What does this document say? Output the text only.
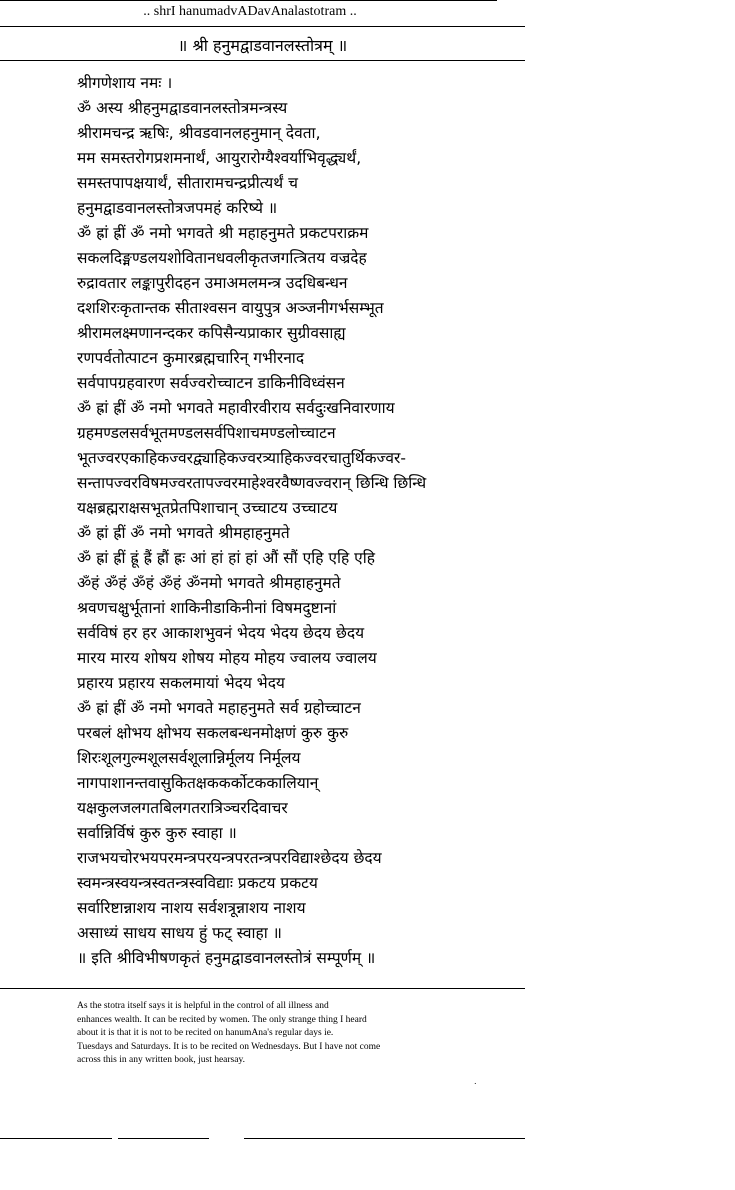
.. shrI hanumadvADavAnalastotram ..
॥ श्री हनुमद्वाडवानलस्तोत्रम् ॥
श्रीगणेशाय नमः ।
ॐ अस्य श्रीहनुमद्वाडवानलस्तोत्रमन्त्रस्य
श्रीरामचन्द्र ऋषिः, श्रीवडवानलहनुमान् देवता,
मम समस्तरोगप्रशमनार्थं, आयुरारोग्यैश्वर्याभिवृद्ध्यर्थं,
समस्तपापक्षयार्थं, सीतारामचन्द्रप्रीत्यर्थं च
हनुमद्वाडवानलस्तोत्रजपमहं करिष्ये ॥
ॐ ह्रां ह्रीं ॐ नमो भगवते श्री महाहनुमते प्रकटपराक्रम
सकलदिङ्मण्डलयशोवितानधवलीकृतजगत्त्रितय वज्रदेह
रुद्रावतार लङ्कापुरीदहन उमाअमलमन्त्र उदधिबन्धन
दशशिरःकृतान्तक सीताश्वसन वायुपुत्र अञ्जनीगर्भसम्भूत
श्रीरामलक्ष्मणानन्दकर कपिसैन्यप्राकार सुग्रीवसाह्य
रणपर्वतोत्पाटन कुमारब्रह्मचारिन् गभीरनाद
सर्वपापग्रहवारण सर्वज्वरोच्चाटन डाकिनीविध्वंसन
ॐ ह्रां ह्रीं ॐ नमो भगवते महावीरवीराय सर्वदुःखनिवारणाय
ग्रहमण्डलसर्वभूतमण्डलसर्वपिशाचमण्डलोच्चाटन
भूतज्वरएकाहिकज्वरद्व्याहिकज्वरत्र्याहिकज्वरचातुर्थिकज्वर-
सन्तापज्वरविषमज्वरतापज्वरमाहेश्वरवैष्णवज्वरान् छिन्धि छिन्धि
यक्षब्रह्मराक्षसभूतप्रेतपिशाचान् उच्चाटय उच्चाटय
ॐ ह्रां ह्रीं ॐ नमो भगवते श्रीमहाहनुमते
ॐ ह्रां ह्रीं ह्रूं ह्रैं ह्रौं ह्रः आं हां हां हां औं सौं एहि एहि एहि
ॐहं ॐहं ॐहं ॐहं ॐनमो भगवते श्रीमहाहनुमते
श्रवणचक्षुर्भूतानां शाकिनीडाकिनीनां विषमदुष्टानां
सर्वविषं हर हर आकाशभुवनं भेदय भेदय छेदय छेदय
मारय मारय शोषय शोषय मोहय मोहय ज्वालय ज्वालय
प्रहारय प्रहारय सकलमायां भेदय भेदय
ॐ ह्रां ह्रीं ॐ नमो भगवते महाहनुमते सर्व ग्रहोच्चाटन
परबलं क्षोभय क्षोभय सकलबन्धनमोक्षणं कुरु कुरु
शिरःशूलगुल्मशूलसर्वशूलान्निर्मूलय निर्मूलय
नागपाशानन्तवासुकितक्षककर्कोटककालियान्
यक्षकुलजलगतबिलगतरात्रिञ्चरदिवाचर
सर्वान्निर्विषं कुरु कुरु स्वाहा ॥
राजभयचोरभयपरमन्त्रपरयन्त्रपरतन्त्रपरविद्याश्छेदय छेदय
स्वमन्त्रस्वयन्त्रस्वतन्त्रस्वविद्याः प्रकटय प्रकटय
सर्वारिष्टान्नाशय नाशय सर्वशत्रून्नाशय नाशय
असाध्यं साधय साधय हुं फट् स्वाहा ॥
॥ इति श्रीविभीषणकृतं हनुमद्वाडवानलस्तोत्रं सम्पूर्णम् ॥
As the stotra itself says it is helpful in the control of all illness and
enhances wealth. It can be recited by women. The only strange thing I heard
about it is that it is not to be recited on hanumAna's regular days ie.
Tuesdays and Saturdays. It is to be recited on Wednesdays. But I have not come
across this in any written book, just hearsay.
.
